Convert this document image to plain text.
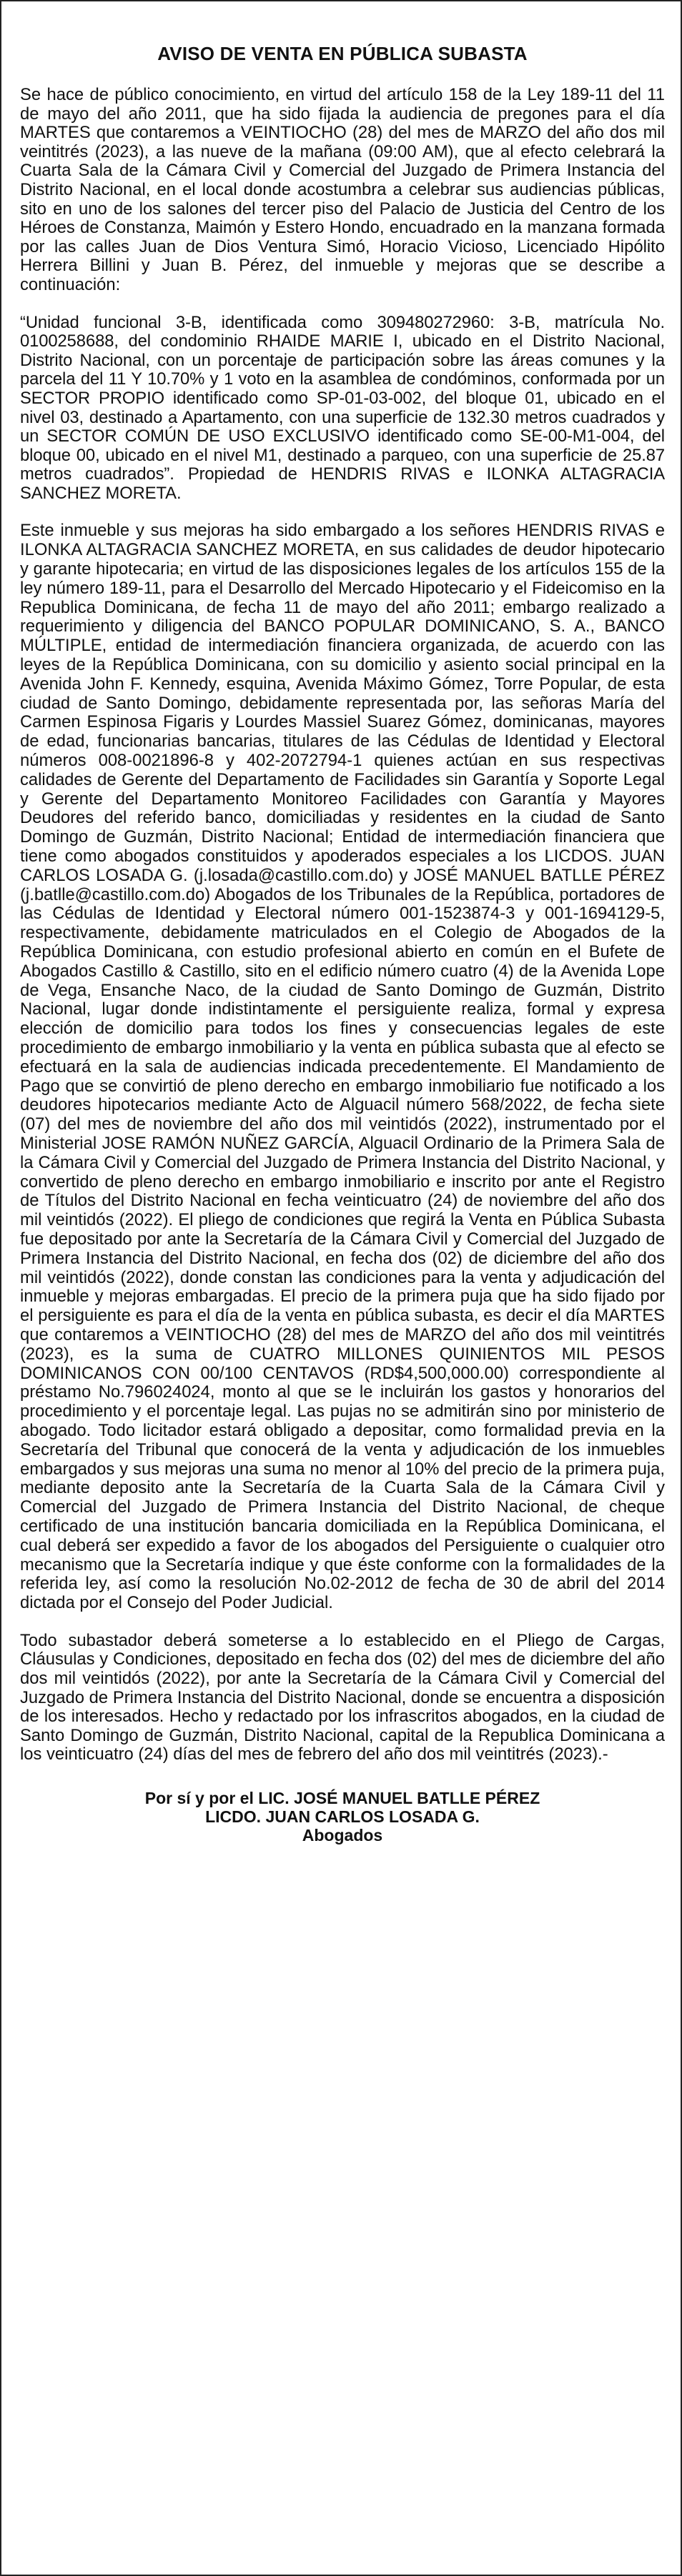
AVISO DE VENTA EN PÚBLICA SUBASTA

Se hace de público conocimiento, en virtud del artículo 158 de la Ley 189-11 del 11 de mayo del año 2011, que ha sido fijada la audiencia de pregones para el día MARTES que contaremos a VEINTIOCHO (28) del mes de MARZO del año dos mil veintitrés (2023), a las nueve de la mañana (09:00 AM), que al efecto celebrará la Cuarta Sala de la Cámara Civil y Comercial del Juzgado de Primera Instancia del Distrito Nacional, en el local donde acostumbra a celebrar sus audiencias públicas, sito en uno de los salones del tercer piso del Palacio de Justicia del Centro de los Héroes de Constanza, Maimón y Estero Hondo, encuadrado en la manzana formada por las calles Juan de Dios Ventura Simó, Horacio Vicioso, Licenciado Hipólito Herrera Billini y Juan B. Pérez, del inmueble y mejoras que se describe a continuación:

“Unidad funcional 3-B, identificada como 309480272960: 3-B, matrícula No. 0100258688, del condominio RHAIDE MARIE I, ubicado en el Distrito Nacional, Distrito Nacional, con un porcentaje de participación sobre las áreas comunes y la parcela del 11 Y 10.70% y 1 voto en la asamblea de condóminos, conformada por un SECTOR PROPIO identificado como SP-01-03-002, del bloque 01, ubicado en el nivel 03, destinado a Apartamento, con una superficie de 132.30 metros cuadrados y un SECTOR COMÚN DE USO EXCLUSIVO identificado como SE-00-M1-004, del bloque 00, ubicado en el nivel M1, destinado a parqueo, con una superficie de 25.87 metros cuadrados”. Propiedad de HENDRIS RIVAS e ILONKA ALTAGRACIA SANCHEZ MORETA.

Este inmueble y sus mejoras ha sido embargado a los señores HENDRIS RIVAS e ILONKA ALTAGRACIA SANCHEZ MORETA, en sus calidades de deudor hipotecario y garante hipotecaria; en virtud de las disposiciones legales de los artículos 155 de la ley número 189-11, para el Desarrollo del Mercado Hipotecario y el Fideicomiso en la Republica Dominicana, de fecha 11 de mayo del año 2011; embargo realizado a requerimiento y diligencia del BANCO POPULAR DOMINICANO, S. A., BANCO MÚLTIPLE, entidad de intermediación financiera organizada, de acuerdo con las leyes de la República Dominicana, con su domicilio y asiento social principal en la Avenida John F. Kennedy, esquina, Avenida Máximo Gómez, Torre Popular, de esta ciudad de Santo Domingo, debidamente representada por, las señoras María del Carmen Espinosa Figaris y Lourdes Massiel Suarez Gómez, dominicanas, mayores de edad, funcionarias bancarias, titulares de las Cédulas de Identidad y Electoral números 008-0021896-8 y 402-2072794-1 quienes actúan en sus respectivas calidades de Gerente del Departamento de Facilidades sin Garantía y Soporte Legal y Gerente del Departamento Monitoreo Facilidades con Garantía y Mayores Deudores del referido banco, domiciliadas y residentes en la ciudad de Santo Domingo de Guzmán, Distrito Nacional; Entidad de intermediación financiera que tiene como abogados constituidos y apoderados especiales a los LICDOS. JUAN CARLOS LOSADA G. (j.losada@castillo.com.do) y JOSÉ MANUEL BATLLE PÉREZ (j.batlle@castillo.com.do) Abogados de los Tribunales de la República, portadores de las Cédulas de Identidad y Electoral número 001-1523874-3 y 001-1694129-5, respectivamente, debidamente matriculados en el Colegio de Abogados de la República Dominicana, con estudio profesional abierto en común en el Bufete de Abogados Castillo & Castillo, sito en el edificio número cuatro (4) de la Avenida Lope de Vega, Ensanche Naco, de la ciudad de Santo Domingo de Guzmán, Distrito Nacional, lugar donde indistintamente el persiguiente realiza, formal y expresa elección de domicilio para todos los fines y consecuencias legales de este procedimiento de embargo inmobiliario y la venta en pública subasta que al efecto se efectuará en la sala de audiencias indicada precedentemente. El Mandamiento de Pago que se convirtió de pleno derecho en embargo inmobiliario fue notificado a los deudores hipotecarios mediante Acto de Alguacil número 568/2022, de fecha siete (07) del mes de noviembre del año dos mil veintidós (2022), instrumentado por el Ministerial JOSE RAMÓN NUÑEZ GARCÍA, Alguacil Ordinario de la Primera Sala de la Cámara Civil y Comercial del Juzgado de Primera Instancia del Distrito Nacional, y convertido de pleno derecho en embargo inmobiliario e inscrito por ante el Registro de Títulos del Distrito Nacional en fecha veinticuatro (24) de noviembre del año dos mil veintidós (2022). El pliego de condiciones que regirá la Venta en Pública Subasta fue depositado por ante la Secretaría de la Cámara Civil y Comercial del Juzgado de Primera Instancia del Distrito Nacional, en fecha dos (02) de diciembre del año dos mil veintidós (2022), donde constan las condiciones para la venta y adjudicación del inmueble y mejoras embargadas. El precio de la primera puja que ha sido fijado por el persiguiente es para el día de la venta en pública subasta, es decir el día MARTES que contaremos a VEINTIOCHO (28) del mes de MARZO del año dos mil veintitrés (2023), es la suma de CUATRO MILLONES QUINIENTOS MIL PESOS DOMINICANOS CON 00/100 CENTAVOS (RD$4,500,000.00) correspondiente al préstamo No.796024024, monto al que se le incluirán los gastos y honorarios del procedimiento y el porcentaje legal. Las pujas no se admitirán sino por ministerio de abogado. Todo licitador estará obligado a depositar, como formalidad previa en la Secretaría del Tribunal que conocerá de la venta y adjudicación de los inmuebles embargados y sus mejoras una suma no menor al 10% del precio de la primera puja, mediante deposito ante la Secretaría de la Cuarta Sala de la Cámara Civil y Comercial del Juzgado de Primera Instancia del Distrito Nacional, de cheque certificado de una institución bancaria domiciliada en la República Dominicana, el cual deberá ser expedido a favor de los abogados del Persiguiente o cualquier otro mecanismo que la Secretaría indique y que éste conforme con la formalidades de la referida ley, así como la resolución No.02-2012 de fecha de 30 de abril del 2014 dictada por el Consejo del Poder Judicial.

Todo subastador deberá someterse a lo establecido en el Pliego de Cargas, Cláusulas y Condiciones, depositado en fecha dos (02) del mes de diciembre del año dos mil veintidós (2022), por ante la Secretaría de la Cámara Civil y Comercial del Juzgado de Primera Instancia del Distrito Nacional, donde se encuentra a disposición de los interesados. Hecho y redactado por los infrascritos abogados, en la ciudad de Santo Domingo de Guzmán, Distrito Nacional, capital de la Republica Dominicana a los veinticuatro (24) días del mes de febrero del año dos mil veintitrés (2023).-

Por sí y por el LIC. JOSÉ MANUEL BATLLE PÉREZ
LICDO. JUAN CARLOS LOSADA G.
Abogados
